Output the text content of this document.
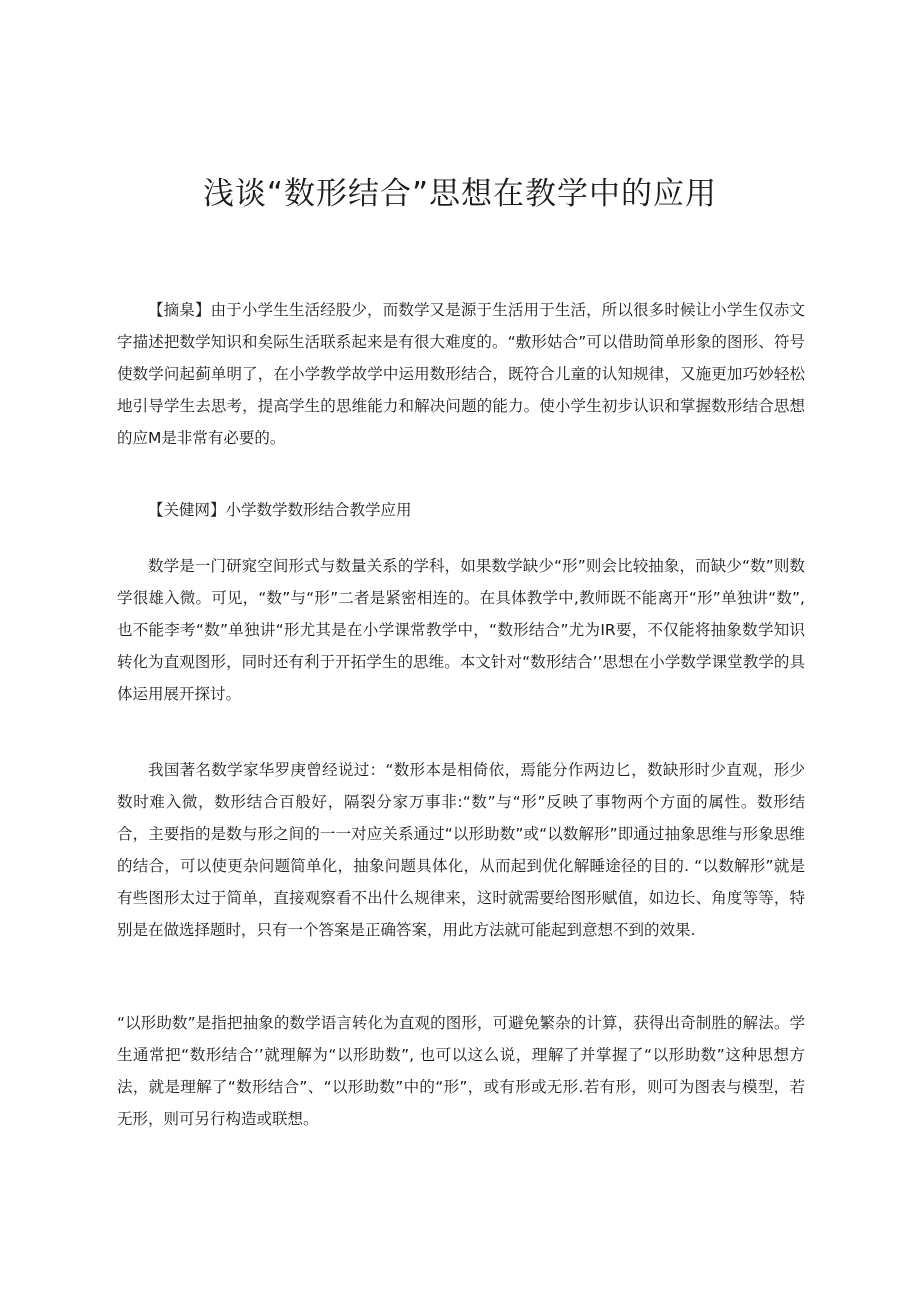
浅谈“数形结合”思想在教学中的应用

【摘臬】由于小学生生活经股少，而数学又是源于生活用于生活，所以很多时候让小学生仅赤文字描述把数学知识和矣际生活联系起来是有很大难度的。“敷形姑合”可以借助简单形象的图形、符号使数学问起蓟单明了，在小学教学故学中运用数形结合，既符合儿童的认知规律，又施更加巧妙轻松地引导学生去思考，提高学生的思维能力和解决问题的能力。使小学生初步认识和掌握数形结合思想的应M是非常有必要的。

【关健网】小学数学数形结合教学应用

数学是一门研窕空间形式与数量关系的学科，如果数学缺少“形”则会比较抽象，而缺少“数”则数学很雄入微。可见，“数”与“形”二者是紧密相连的。在具体教学中,教师既不能离开“形”单独讲“数”, 也不能李考“数”单独讲“形尤其是在小学课常教学中，“数形结合”尤为IR要，不仅能将抽象数学知识转化为直观图形，同时还有利于开拓学生的思维。本文针对“数形结合’’思想在小学数学课堂教学的具体运用展开探讨。

我国著名数学家华罗庚曾经说过：“数形本是相倚依，焉能分作两边匕，数缺形时少直观，形少数时难入微，数形结合百般好，隔裂分家万事非:“数”与“形”反映了事物两个方面的属性。数形结合，主要指的是数与形之间的一一对应关系通过“以形助数”或“以数解形”即通过抽象思维与形象思维的结合，可以使更杂问题简单化，抽象问题具体化，从而起到优化解睡途径的目的. “以数解形”就是有些图形太过于简单，直接观察看不出什么规律来，这时就需要给图形赋值，如边长、角度等等，特别是在做选择题时，只有一个答案是正确答案，用此方法就可能起到意想不到的效果.

“以形助数”是指把抽象的数学语言转化为直观的图形，可避免繁杂的计算，获得出奇制胜的解法。学生通常把“数形结合’’就理解为“以形助数”, 也可以这么说，理解了并掌握了“以形助数”这种思想方法，就是理解了“数形结合”、“以形助数”中的“形”，或有形或无形.若有形，则可为图表与模型，若无形，则可另行构造或联想。
